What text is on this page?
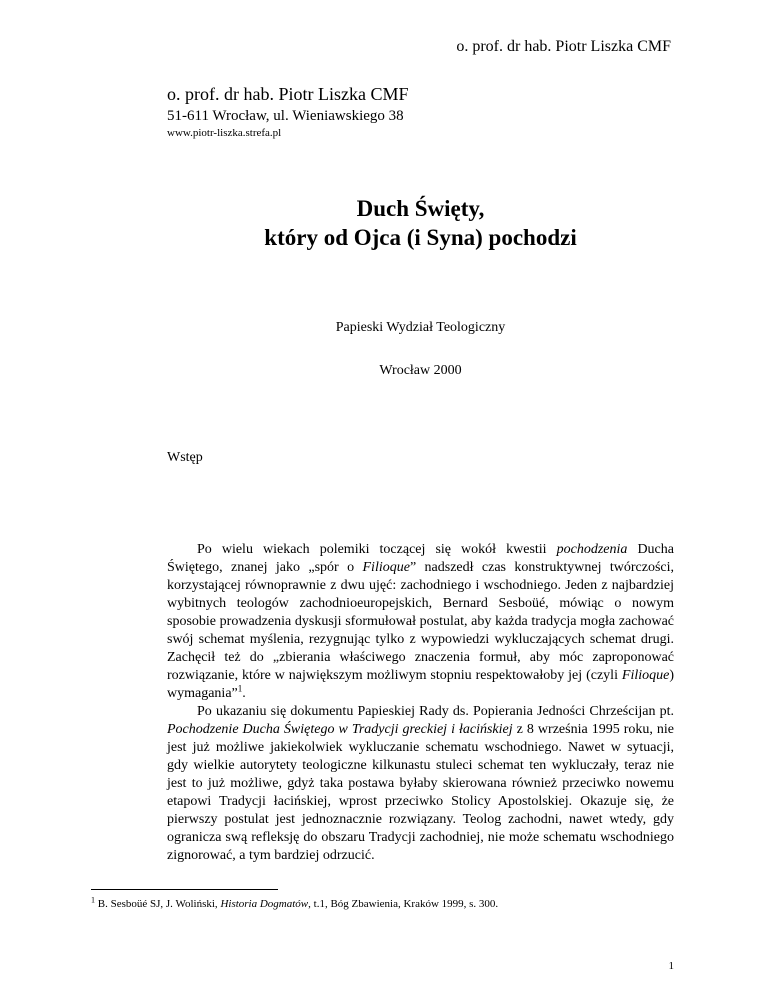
o. prof. dr hab. Piotr Liszka CMF
o. prof. dr hab. Piotr Liszka CMF
51-611 Wrocław, ul. Wieniawskiego 38
www.piotr-liszka.strefa.pl
Duch Święty,
który od Ojca (i Syna) pochodzi
Papieski Wydział Teologiczny
Wrocław 2000
Wstęp

Po wielu wiekach polemiki toczącej się wokół kwestii pochodzenia Ducha Świętego, znanej jako „spór o Filioque” nadszedł czas konstruktywnej twórczości, korzystającej równoprawnie z dwu ujęć: zachodniego i wschodniego. Jeden z najbardziej wybitnych teologów zachodnioeuropejskich, Bernard Sesboüé, mówiąc o nowym sposobie prowadzenia dyskusji sformułował postulat, aby każda tradycja mogła zachować swój schemat myślenia, rezygnując tylko z wypowiedzi wykluczających schemat drugi. Zachęcił też do „zbierania właściwego znaczenia formuł, aby móc zaproponować rozwiązanie, które w największym możliwym stopniu respektowałoby jej (czyli Filioque) wymagania”$^1$.

Po ukazaniu się dokumentu Papieskiej Rady ds. Popierania Jedności Chrześcijan pt. Pochodzenie Ducha Świętego w Tradycji greckiej i łacińskiej z 8 września 1995 roku, nie jest już możliwe jakiekolwiek wykluczanie schematu wschodniego. Nawet w sytuacji, gdy wielkie autorytety teologiczne kilkunastu stuleci schemat ten wykluczały, teraz nie jest to już możliwe, gdyż taka postawa byłaby skierowana również przeciwko nowemu etapowi Tradycji łacińskiej, wprost przeciwko Stolicy Apostolskiej. Okazuje się, że pierwszy postulat jest jednoznacznie rozwiązany. Teolog zachodni, nawet wtedy, gdy ogranicza swą refleksję do obszaru Tradycji zachodniej, nie może schematu wschodniego zignorować, a tym bardziej odrzucić.

$^1$ B. Sesboüé SJ, J. Woliński, Historia Dogmatów, t.1, Bóg Zbawienia, Kraków 1999, s. 300.
1
